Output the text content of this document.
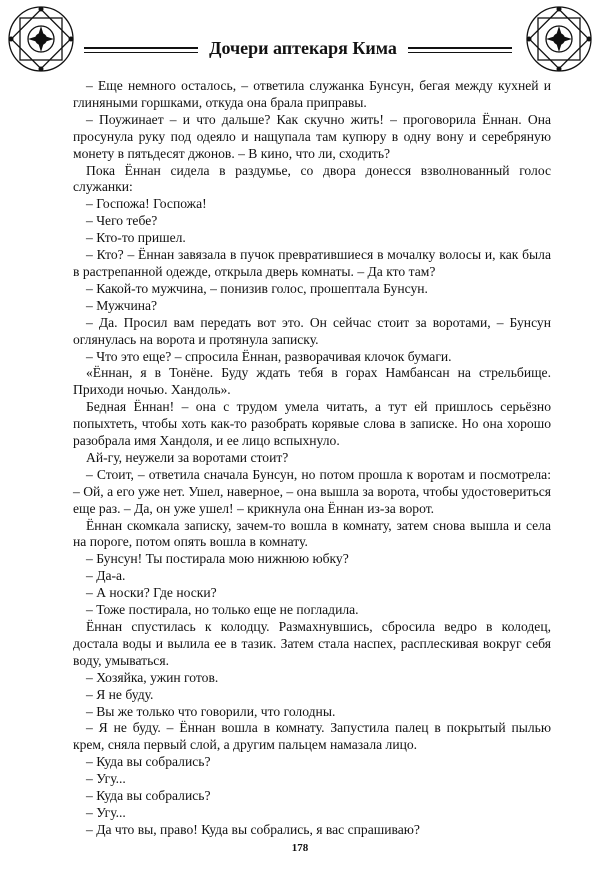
Дочери аптекаря Кима

– Еще немного осталось, – ответила служанка Бунсун, бегая между кухней и глиняными горшками, откуда она брала приправы.

– Поужинает – и что дальше? Как скучно жить! – проговорила Ённан. Она просунула руку под одеяло и нащупала там купюру в одну вону и серебряную монету в пятьдесят джонов. – В кино, что ли, сходить?

Пока Ённан сидела в раздумье, со двора донесся взволнованный голос служанки:

– Госпожа! Госпожа!

– Чего тебе?

– Кто-то пришел.

– Кто? – Ённан завязала в пучок превратившиеся в мочалку волосы и, как была в растрепанной одежде, открыла дверь комнаты. – Да кто там?

– Какой-то мужчина, – понизив голос, прошептала Бунсун.

– Мужчина?

– Да. Просил вам передать вот это. Он сейчас стоит за воротами, – Бунсун оглянулась на ворота и протянула записку.

– Что это еще? – спросила Ённан, разворачивая клочок бумаги.

«Ённан, я в Тонёне. Буду ждать тебя в горах Намбансан на стрельбище. Приходи ночью. Хандоль».

Бедная Ённан! – она с трудом умела читать, а тут ей пришлось серьёзно попыхтеть, чтобы хоть как-то разобрать корявые слова в записке. Но она хорошо разобрала имя Хандоля, и ее лицо вспыхнуло.

Ай-гу, неужели за воротами стоит?

– Стоит, – ответила сначала Бунсун, но потом прошла к воротам и посмотрела: – Ой, а его уже нет. Ушел, наверное, – она вышла за ворота, чтобы удостовериться еще раз. – Да, он уже ушел! – крикнула она Ённан из-за ворот.

Ённан скомкала записку, зачем-то вошла в комнату, затем снова вышла и села на пороге, потом опять вошла в комнату.

– Бунсун! Ты постирала мою нижнюю юбку?

– Да-а.

– А носки? Где носки?

– Тоже постирала, но только еще не погладила.

Ённан спустилась к колодцу. Размахнувшись, сбросила ведро в колодец, достала воды и вылила ее в тазик. Затем стала наспех, расплескивая вокруг себя воду, умываться.

– Хозяйка, ужин готов.

– Я не буду.

– Вы же только что говорили, что голодны.

– Я не буду. – Ённан вошла в комнату. Запустила палец в покрытый пылью крем, сняла первый слой, а другим пальцем намазала лицо.

– Куда вы собрались?

– Угу...

– Куда вы собрались?

– Угу...

– Да что вы, право! Куда вы собрались, я вас спрашиваю?

178
